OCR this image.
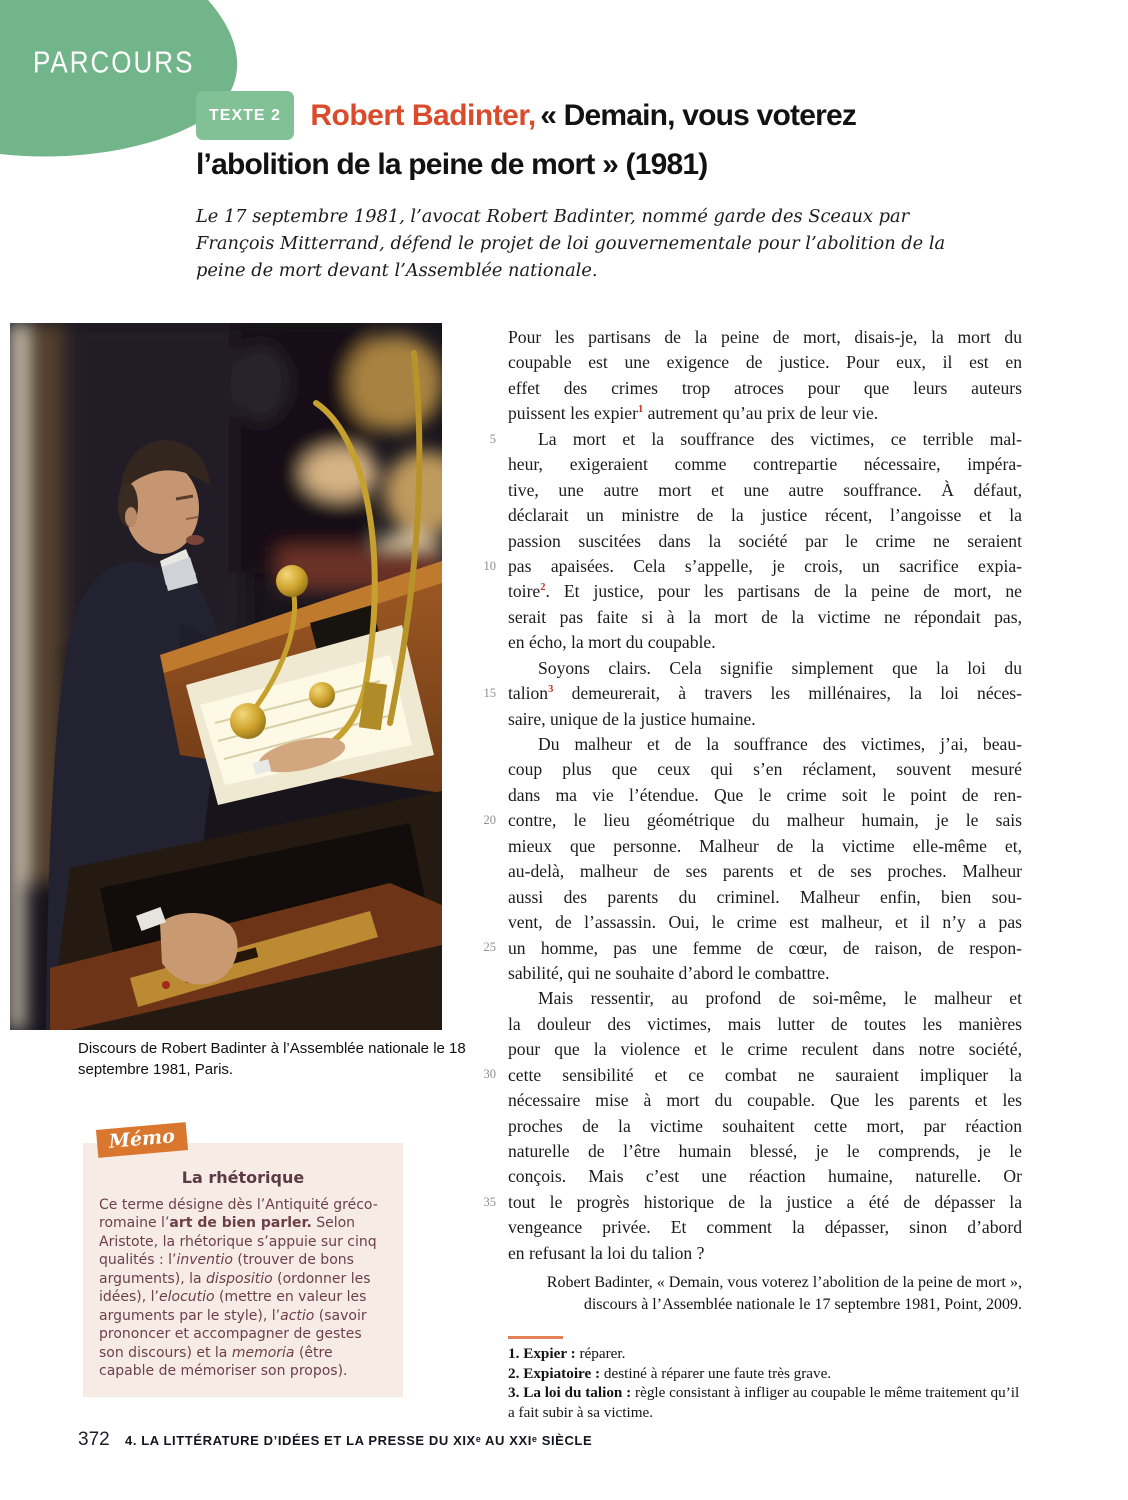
PARCOURS
TEXTE 2 Robert Badinter, « Demain, vous voterez
l’abolition de la peine de mort » (1981)
Le 17 septembre 1981, l’avocat Robert Badinter, nommé garde des Sceaux par François Mitterrand, défend le projet de loi gouvernementale pour l’abolition de la peine de mort devant l’Assemblée nationale.
Discours de Robert Badinter à l’Assemblée nationale le 18 septembre 1981, Paris.

La rhétorique

Ce terme désigne dès l’Antiquité gréco-romaine l’art de bien parler. Selon Aristote, la rhétorique s’appuie sur cinq qualités : l’inventio (trouver de bons arguments), la dispositio (ordonner les idées), l’elocutio (mettre en valeur les arguments par le style), l’actio (savoir prononcer et accompagner de gestes son discours) et la memoria (être capable de mémoriser son propos).
Mémo
5
10
15
20
25
30
35
Pour les partisans de la peine de mort, disais-je, la mort du
coupable est une exigence de justice. Pour eux, il est en
effet des crimes trop atroces pour que leurs auteurs
puissent les expier$^1$ autrement qu’au prix de leur vie.
La mort et la souffrance des victimes, ce terrible mal-
heur, exigeraient comme contrepartie nécessaire, impéra-
tive, une autre mort et une autre souffrance. À défaut,
déclarait un ministre de la justice récent, l’angoisse et la
passion suscitées dans la société par le crime ne seraient
pas apaisées. Cela s’appelle, je crois, un sacrifice expia-
toire$^2$. Et justice, pour les partisans de la peine de mort, ne
serait pas faite si à la mort de la victime ne répondait pas,
en écho, la mort du coupable.
Soyons clairs. Cela signifie simplement que la loi du
talion$^3$ demeurerait, à travers les millénaires, la loi néces-
saire, unique de la justice humaine.
Du malheur et de la souffrance des victimes, j’ai, beau-
coup plus que ceux qui s’en réclament, souvent mesuré
dans ma vie l’étendue. Que le crime soit le point de ren-
contre, le lieu géométrique du malheur humain, je le sais
mieux que personne. Malheur de la victime elle-même et,
au-delà, malheur de ses parents et de ses proches. Malheur
aussi des parents du criminel. Malheur enfin, bien sou-
vent, de l’assassin. Oui, le crime est malheur, et il n’y a pas
un homme, pas une femme de cœur, de raison, de respon-
sabilité, qui ne souhaite d’abord le combattre.
Mais ressentir, au profond de soi-même, le malheur et
la douleur des victimes, mais lutter de toutes les manières
pour que la violence et le crime reculent dans notre société,
cette sensibilité et ce combat ne sauraient impliquer la
nécessaire mise à mort du coupable. Que les parents et les
proches de la victime souhaitent cette mort, par réaction
naturelle de l’être humain blessé, je le comprends, je le
conçois. Mais c’est une réaction humaine, naturelle. Or
tout le progrès historique de la justice a été de dépasser la
vengeance privée. Et comment la dépasser, sinon d’abord
en refusant la loi du talion ?
Robert Badinter, « Demain, vous voterez l’abolition de la peine de mort »,
discours à l’Assemblée nationale le 17 septembre 1981, Point, 2009.
1. Expier : réparer.
2. Expiatoire : destiné à réparer une faute très grave.
3. La loi du talion : règle consistant à infliger au coupable le même traitement qu’il a fait subir à sa victime.
372 4. LA LITTÉRATURE D’IDÉES ET LA PRESSE DU XIXᵉ AU XXIᵉ SIÈCLE
